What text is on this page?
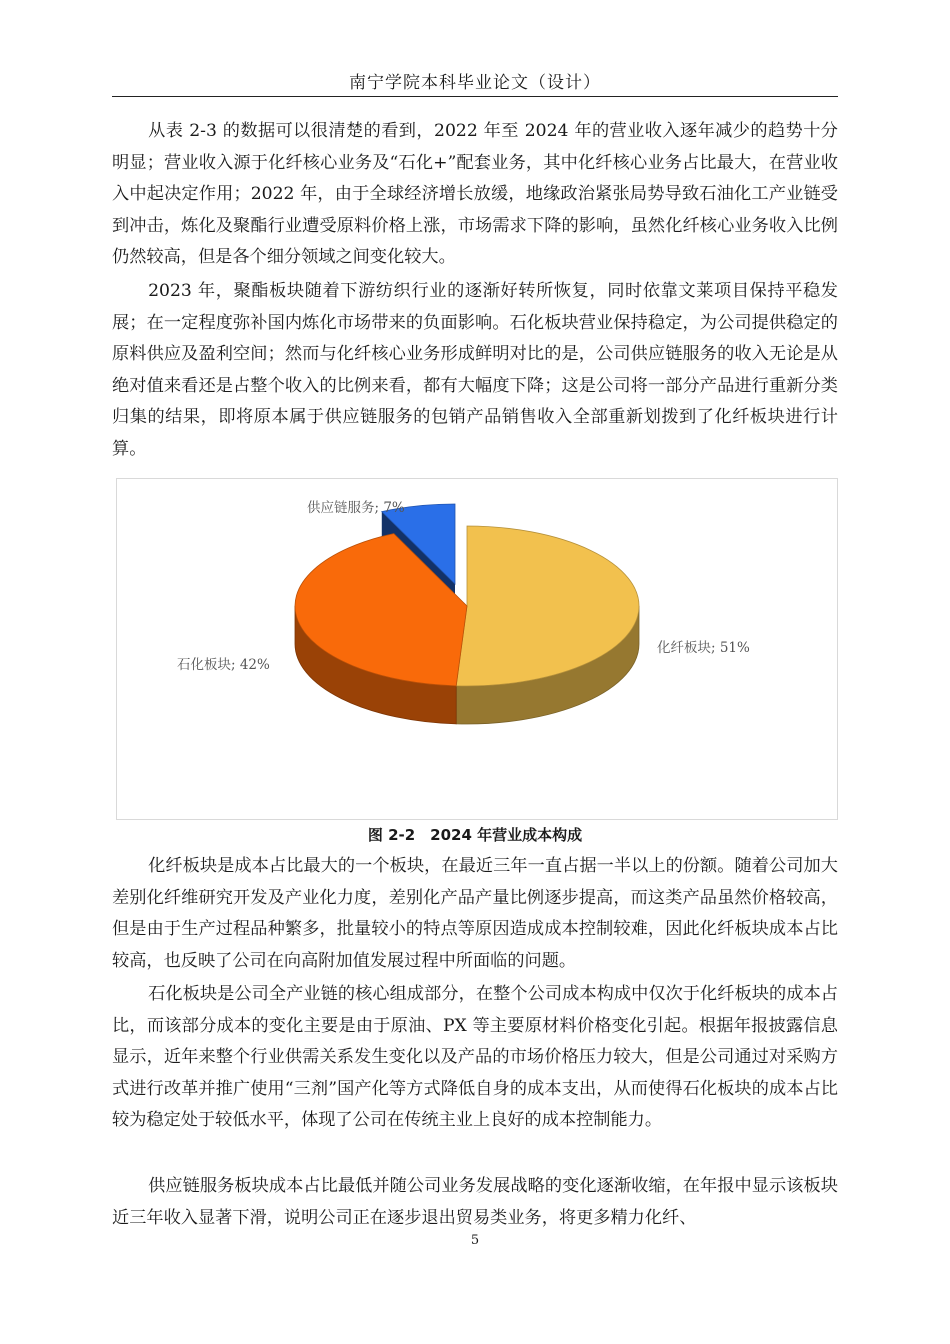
南宁学院本科毕业论文（设计）

从表 2-3 的数据可以很清楚的看到，2022 年至 2024 年的营业收入逐年减少的趋势十分明显；营业收入源于化纤核心业务及“石化+”配套业务，其中化纤核心业务占比最大，在营业收入中起决定作用；2022 年，由于全球经济增长放缓，地缘政治紧张局势导致石油化工产业链受到冲击，炼化及聚酯行业遭受原料价格上涨，市场需求下降的影响，虽然化纤核心业务收入比例仍然较高，但是各个细分领域之间变化较大。

2023 年，聚酯板块随着下游纺织行业的逐渐好转所恢复，同时依靠文莱项目保持平稳发展；在一定程度弥补国内炼化市场带来的负面影响。石化板块营业保持稳定，为公司提供稳定的原料供应及盈利空间；然而与化纤核心业务形成鲜明对比的是，公司供应链服务的收入无论是从绝对值来看还是占整个收入的比例来看，都有大幅度下降；这是公司将一部分产品进行重新分类归集的结果，即将原本属于供应链服务的包销产品销售收入全部重新划拨到了化纤板块进行计算。

化纤板块; 51%
石化板块; 42%
供应链服务; 7%
图 2-2　2024 年营业成本构成

化纤板块是成本占比最大的一个板块，在最近三年一直占据一半以上的份额。随着公司加大差别化纤维研究开发及产业化力度，差别化产品产量比例逐步提高，而这类产品虽然价格较高，但是由于生产过程品种繁多，批量较小的特点等原因造成成本控制较难，因此化纤板块成本占比较高，也反映了公司在向高附加值发展过程中所面临的问题。

石化板块是公司全产业链的核心组成部分，在整个公司成本构成中仅次于化纤板块的成本占比，而该部分成本的变化主要是由于原油、PX 等主要原材料价格变化引起。根据年报披露信息显示，近年来整个行业供需关系发生变化以及产品的市场价格压力较大，但是公司通过对采购方式进行改革并推广使用“三剂”国产化等方式降低自身的成本支出，从而使得石化板块的成本占比较为稳定处于较低水平，体现了公司在传统主业上良好的成本控制能力。

供应链服务板块成本占比最低并随公司业务发展战略的变化逐渐收缩，在年报中显示该板块近三年收入显著下滑，说明公司正在逐步退出贸易类业务，将更多精力化纤、

5
